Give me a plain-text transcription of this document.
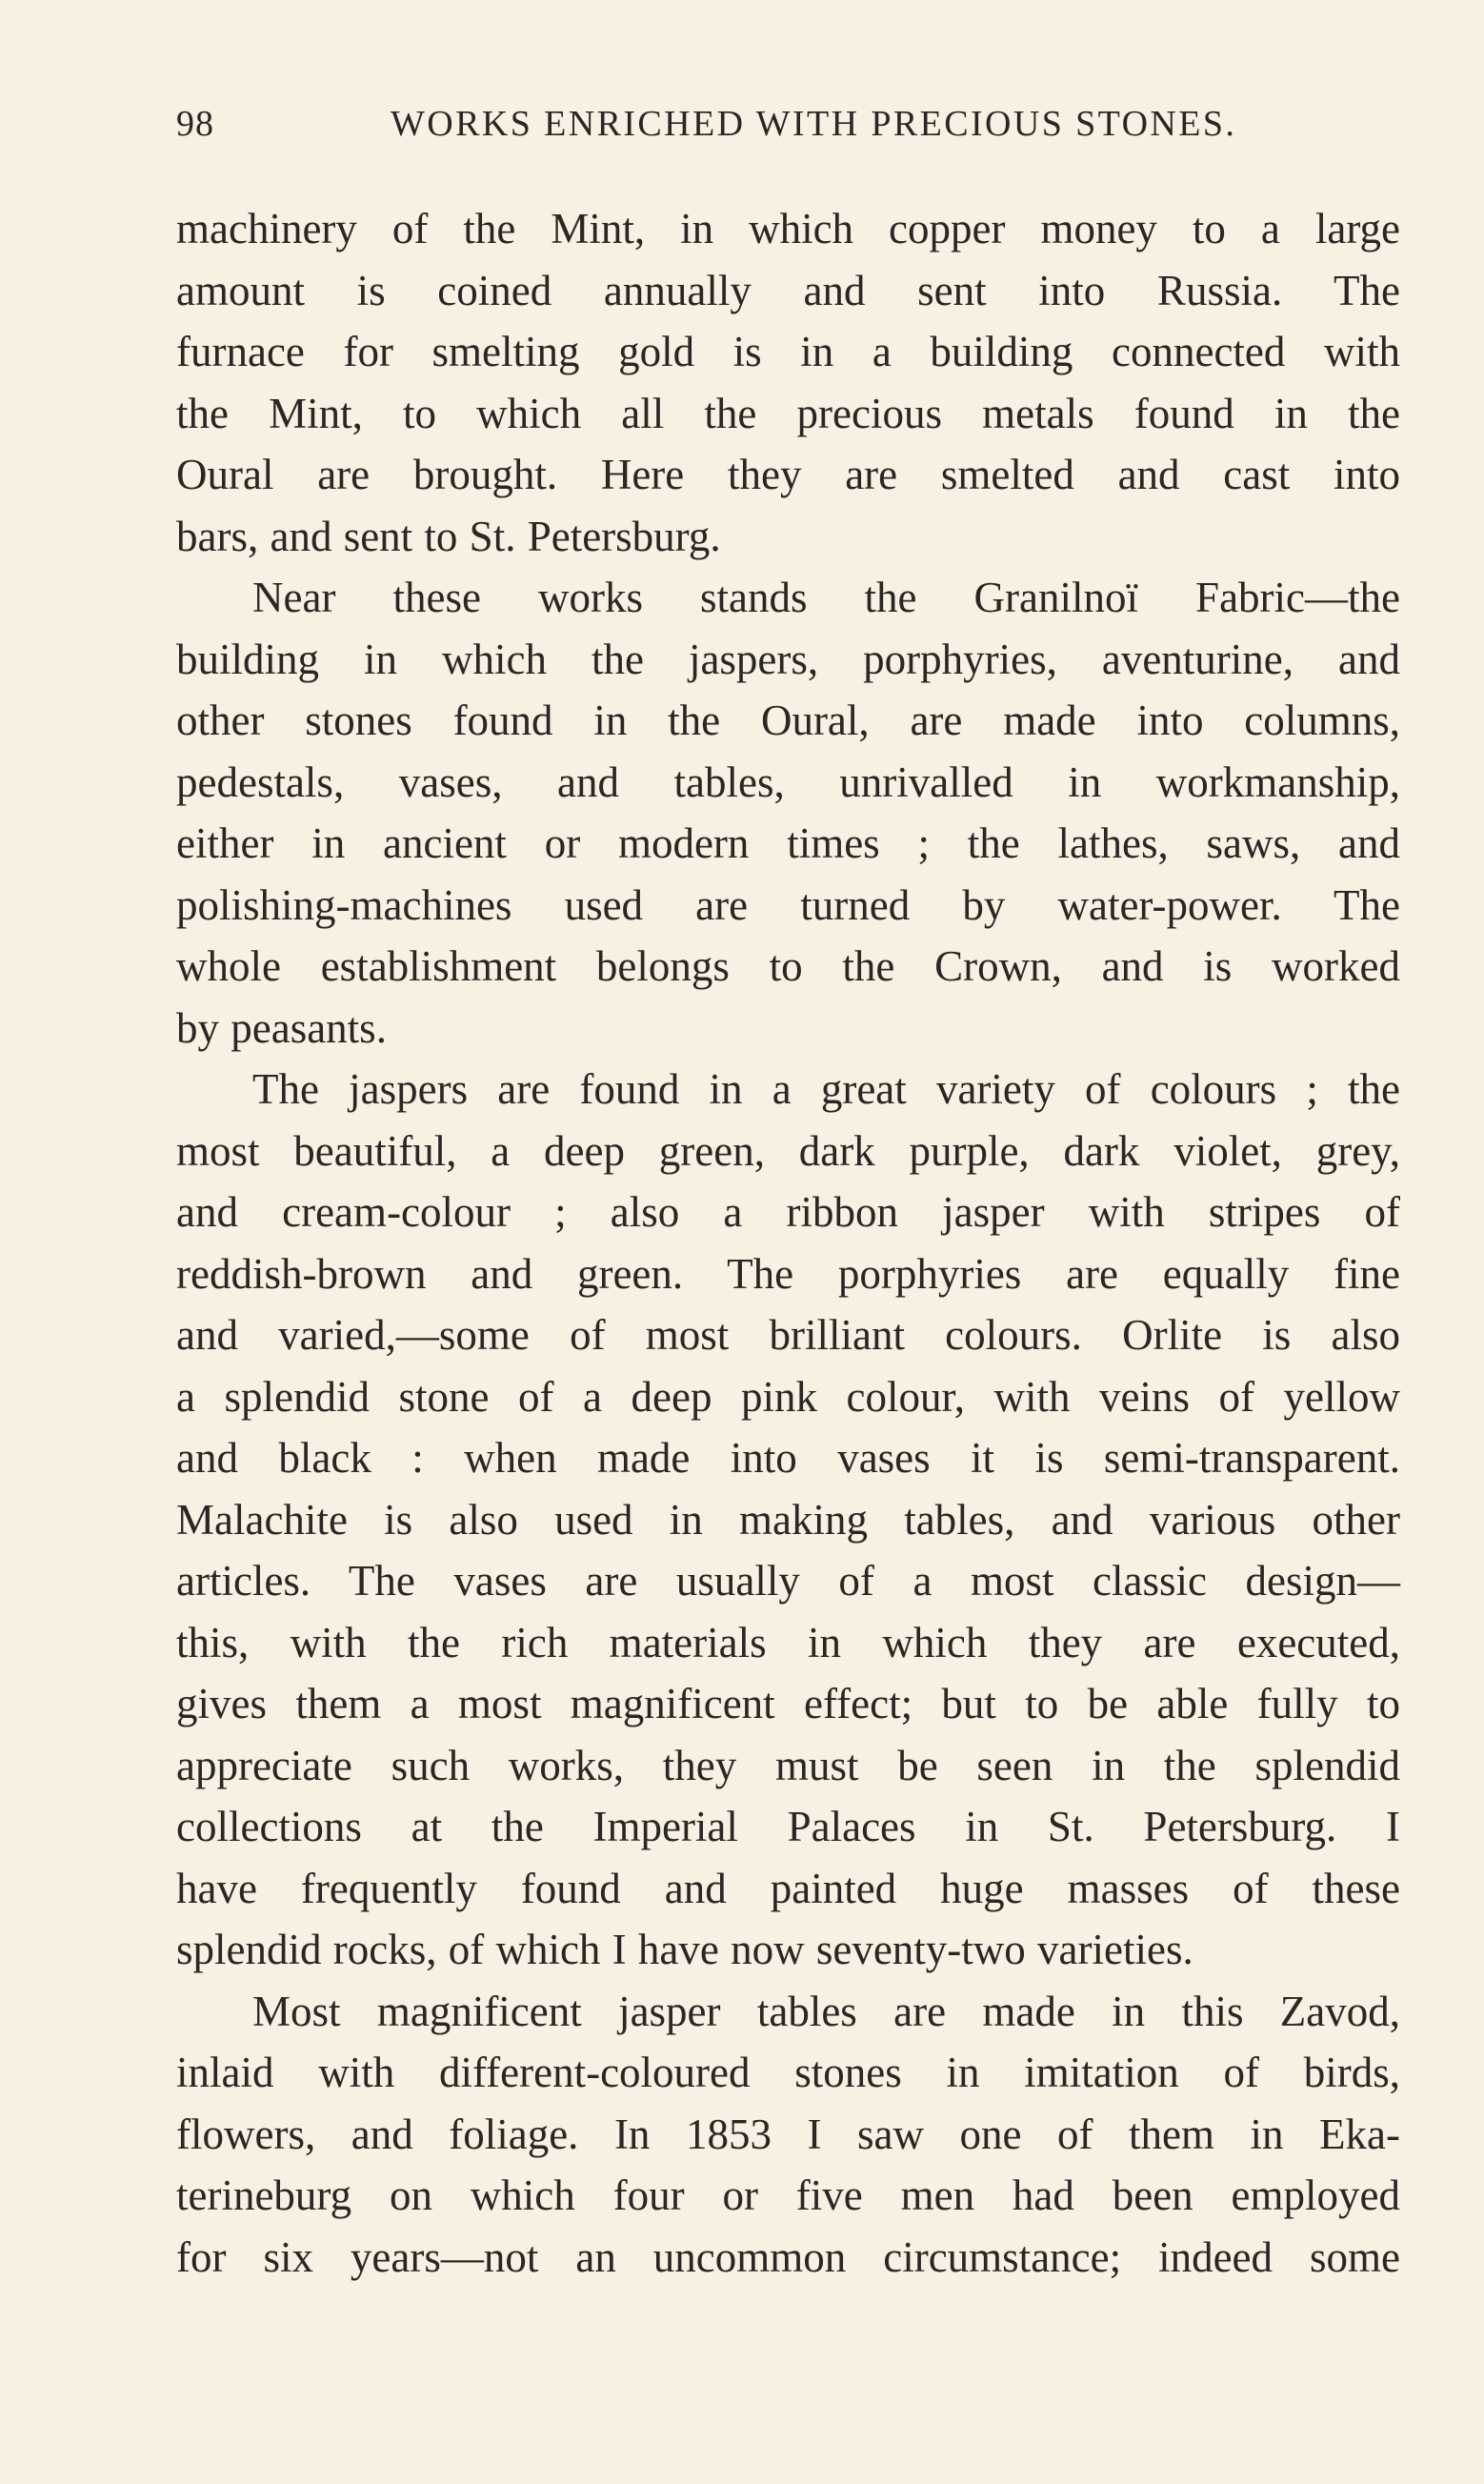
98	WORKS ENRICHED WITH PRECIOUS STONES.
machinery of the Mint, in which copper money to a large
amount is coined annually and sent into Russia. The
furnace for smelting gold is in a building connected with
the Mint, to which all the precious metals found in the
Oural are brought. Here they are smelted and cast into
bars, and sent to St. Petersburg.
Near these works stands the Granilnoï Fabric—the
building in which the jaspers, porphyries, aventurine, and
other stones found in the Oural, are made into columns,
pedestals, vases, and tables, unrivalled in workmanship,
either in ancient or modern times ; the lathes, saws, and
polishing-machines used are turned by water-power. The
whole establishment belongs to the Crown, and is worked
by peasants.
The jaspers are found in a great variety of colours ; the
most beautiful, a deep green, dark purple, dark violet, grey,
and cream-colour ; also a ribbon jasper with stripes of
reddish-brown and green. The porphyries are equally fine
and varied,—some of most brilliant colours. Orlite is also
a splendid stone of a deep pink colour, with veins of yellow
and black : when made into vases it is semi-transparent.
Malachite is also used in making tables, and various other
articles. The vases are usually of a most classic design—
this, with the rich materials in which they are executed,
gives them a most magnificent effect; but to be able fully to
appreciate such works, they must be seen in the splendid
collections at the Imperial Palaces in St. Petersburg. I
have frequently found and painted huge masses of these
splendid rocks, of which I have now seventy-two varieties.
Most magnificent jasper tables are made in this Zavod,
inlaid with different-coloured stones in imitation of birds,
flowers, and foliage. In 1853 I saw one of them in Eka-
terineburg on which four or five men had been employed
for six years—not an uncommon circumstance; indeed some
